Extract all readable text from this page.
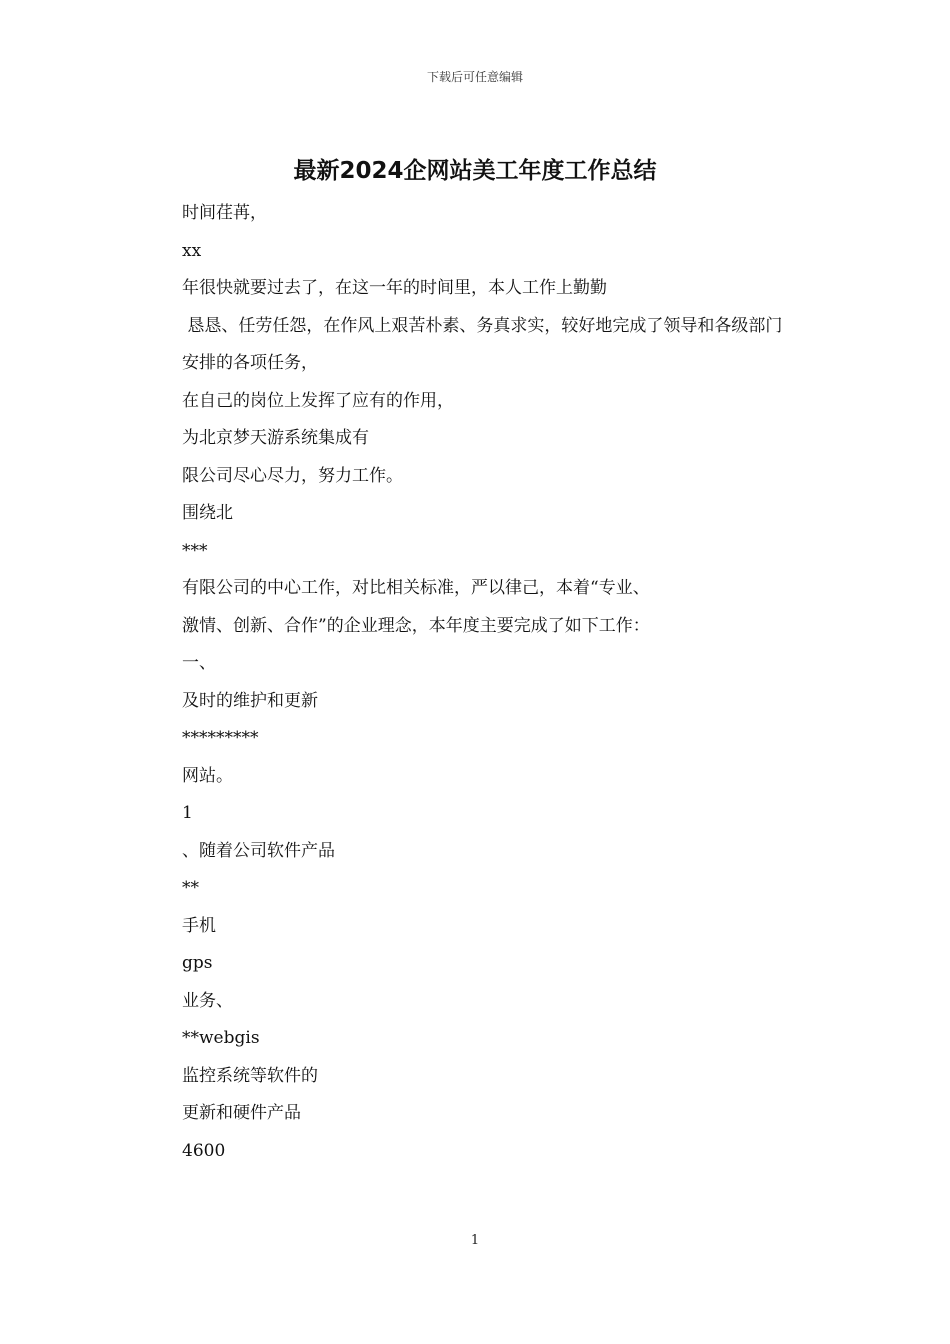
下载后可任意编辑
最新2024企网站美工年度工作总结

时间荏苒，

xx

年很快就要过去了，在这一年的时间里，本人工作上勤勤

恳恳、任劳任怨，在作风上艰苦朴素、务真求实，较好地完成了领导和各级部门

安排的各项任务，

在自己的岗位上发挥了应有的作用，

为北京梦天游系统集成有

限公司尽心尽力，努力工作。

围绕北

***

有限公司的中心工作，对比相关标准，严以律己，本着“专业、

激情、创新、合作”的企业理念，本年度主要完成了如下工作：

一、

及时的维护和更新

*********

网站。

1

、随着公司软件产品

**

手机

gps

业务、

**webgis

监控系统等软件的

更新和硬件产品

4600

1
